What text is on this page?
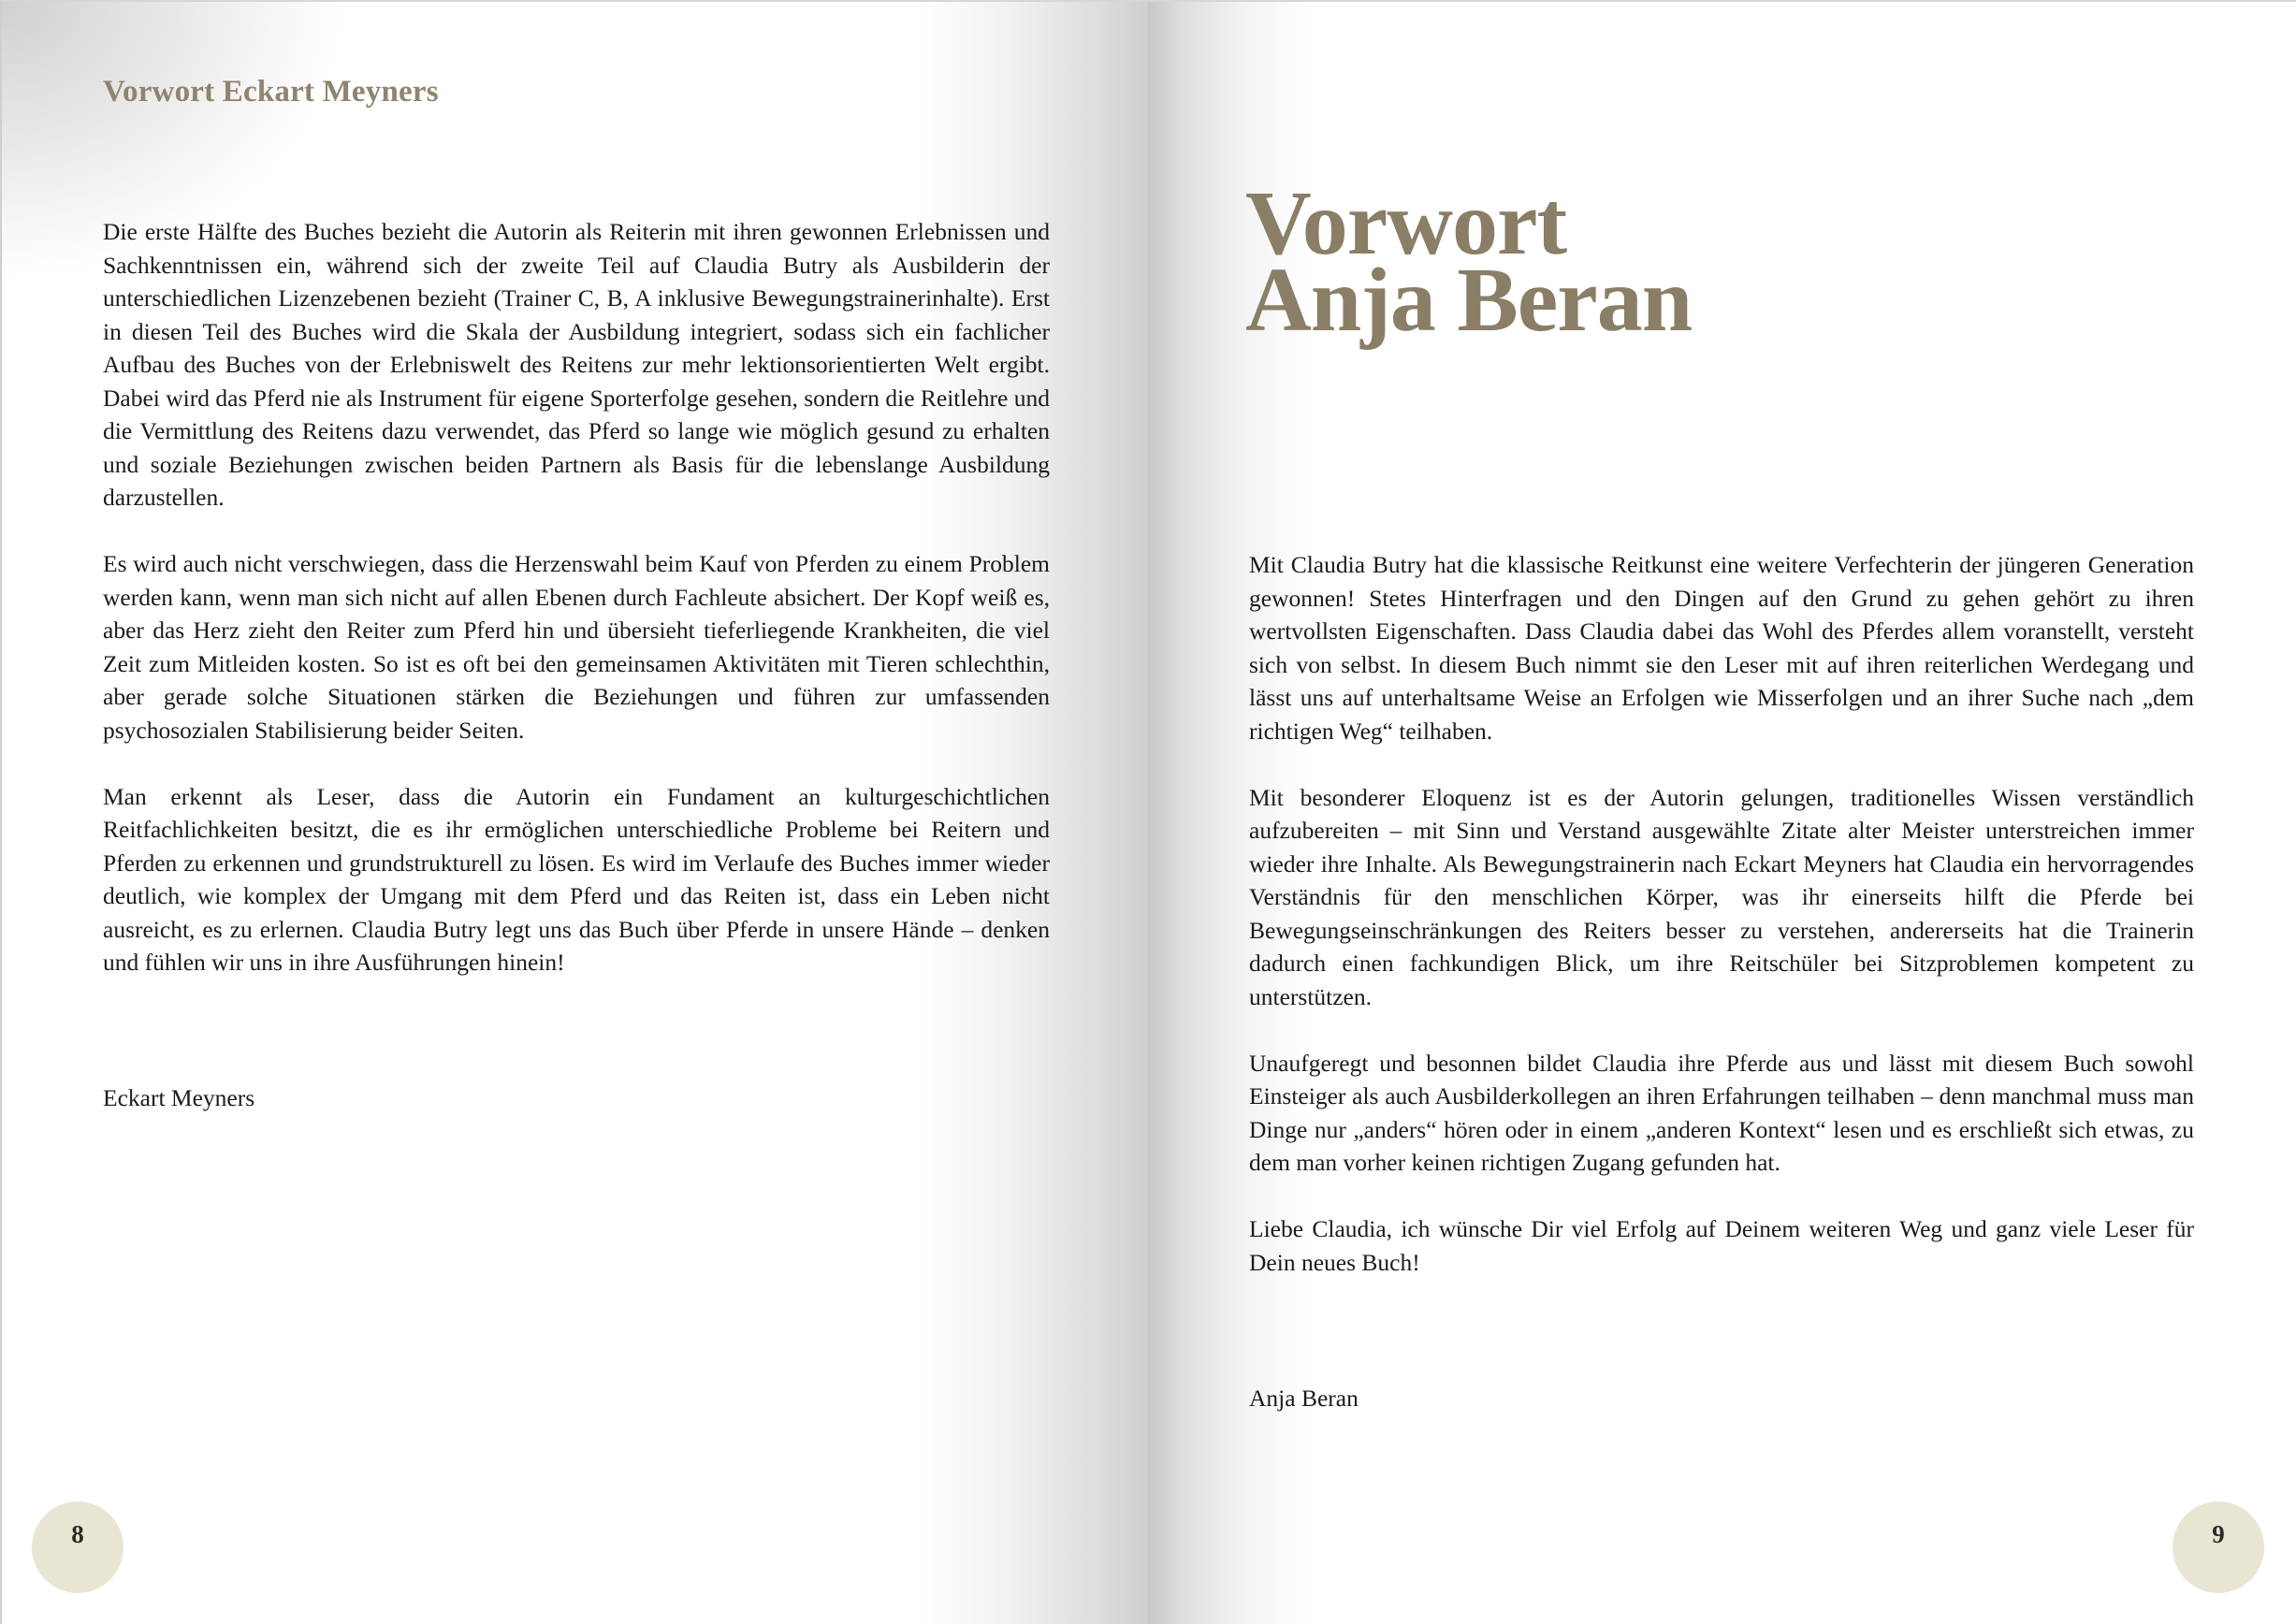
Vorwort Eckart Meyners

Die erste Hälfte des Buches bezieht die Autorin als Reiterin mit ihren gewonnen Erlebnissen und Sachkenntnissen ein, während sich der zweite Teil auf Claudia Butry als Ausbilderin der unterschiedlichen Lizenzebenen bezieht (Trainer C, B, A inklusive Bewegungstrainerinhalte). Erst in diesen Teil des Buches wird die Skala der Ausbildung integriert, sodass sich ein fachlicher Aufbau des Buches von der Erlebniswelt des Reitens zur mehr lektionsorientierten Welt ergibt. Dabei wird das Pferd nie als Instrument für eigene Sporterfolge gesehen, sondern die Reitlehre und die Vermittlung des Reitens dazu verwendet, das Pferd so lange wie möglich gesund zu erhalten und soziale Beziehungen zwischen beiden Partnern als Basis für die lebenslange Ausbildung darzustellen.

Es wird auch nicht verschwiegen, dass die Herzenswahl beim Kauf von Pferden zu einem Problem werden kann, wenn man sich nicht auf allen Ebenen durch Fachleute absichert. Der Kopf weiß es, aber das Herz zieht den Reiter zum Pferd hin und übersieht tieferliegende Krankheiten, die viel Zeit zum Mitleiden kosten. So ist es oft bei den gemeinsamen Aktivitäten mit Tieren schlechthin, aber gerade solche Situationen stärken die Beziehungen und führen zur umfassenden psychosozialen Stabilisierung beider Seiten.

Man erkennt als Leser, dass die Autorin ein Fundament an kulturgeschichtlichen Reitfachlichkeiten besitzt, die es ihr ermöglichen unterschiedliche Probleme bei Reitern und Pferden zu erkennen und grundstrukturell zu lösen. Es wird im Verlaufe des Buches immer wieder deutlich, wie komplex der Umgang mit dem Pferd und das Reiten ist, dass ein Leben nicht ausreicht, es zu erlernen. Claudia Butry legt uns das Buch über Pferde in unsere Hände – denken und fühlen wir uns in ihre Ausführungen hinein!

Eckart Meyners
8
Vorwort
Anja Beran

Mit Claudia Butry hat die klassische Reitkunst eine weitere Verfechterin der jüngeren Generation gewonnen! Stetes Hinterfragen und den Dingen auf den Grund zu gehen gehört zu ihren wertvollsten Eigenschaften. Dass Claudia dabei das Wohl des Pferdes allem voranstellt, versteht sich von selbst. In diesem Buch nimmt sie den Leser mit auf ihren reiterlichen Werdegang und lässt uns auf unterhaltsame Weise an Erfolgen wie Misserfolgen und an ihrer Suche nach „dem richtigen Weg“ teilhaben.

Mit besonderer Eloquenz ist es der Autorin gelungen, traditionelles Wissen verständlich aufzubereiten – mit Sinn und Verstand ausgewählte Zitate alter Meister unterstreichen immer wieder ihre Inhalte. Als Bewegungstrainerin nach Eckart Meyners hat Claudia ein hervorragendes Verständnis für den menschlichen Körper, was ihr einerseits hilft die Pferde bei Bewegungseinschränkungen des Reiters besser zu verstehen, andererseits hat die Trainerin dadurch einen fachkundigen Blick, um ihre Reitschüler bei Sitzproblemen kompetent zu unterstützen.

Unaufgeregt und besonnen bildet Claudia ihre Pferde aus und lässt mit diesem Buch sowohl Einsteiger als auch Ausbilderkollegen an ihren Erfahrungen teilhaben – denn manchmal muss man Dinge nur „anders“ hören oder in einem „anderen Kontext“ lesen und es erschließt sich etwas, zu dem man vorher keinen richtigen Zugang gefunden hat.

Liebe Claudia, ich wünsche Dir viel Erfolg auf Deinem weiteren Weg und ganz viele Leser für Dein neues Buch!

Anja Beran
9
